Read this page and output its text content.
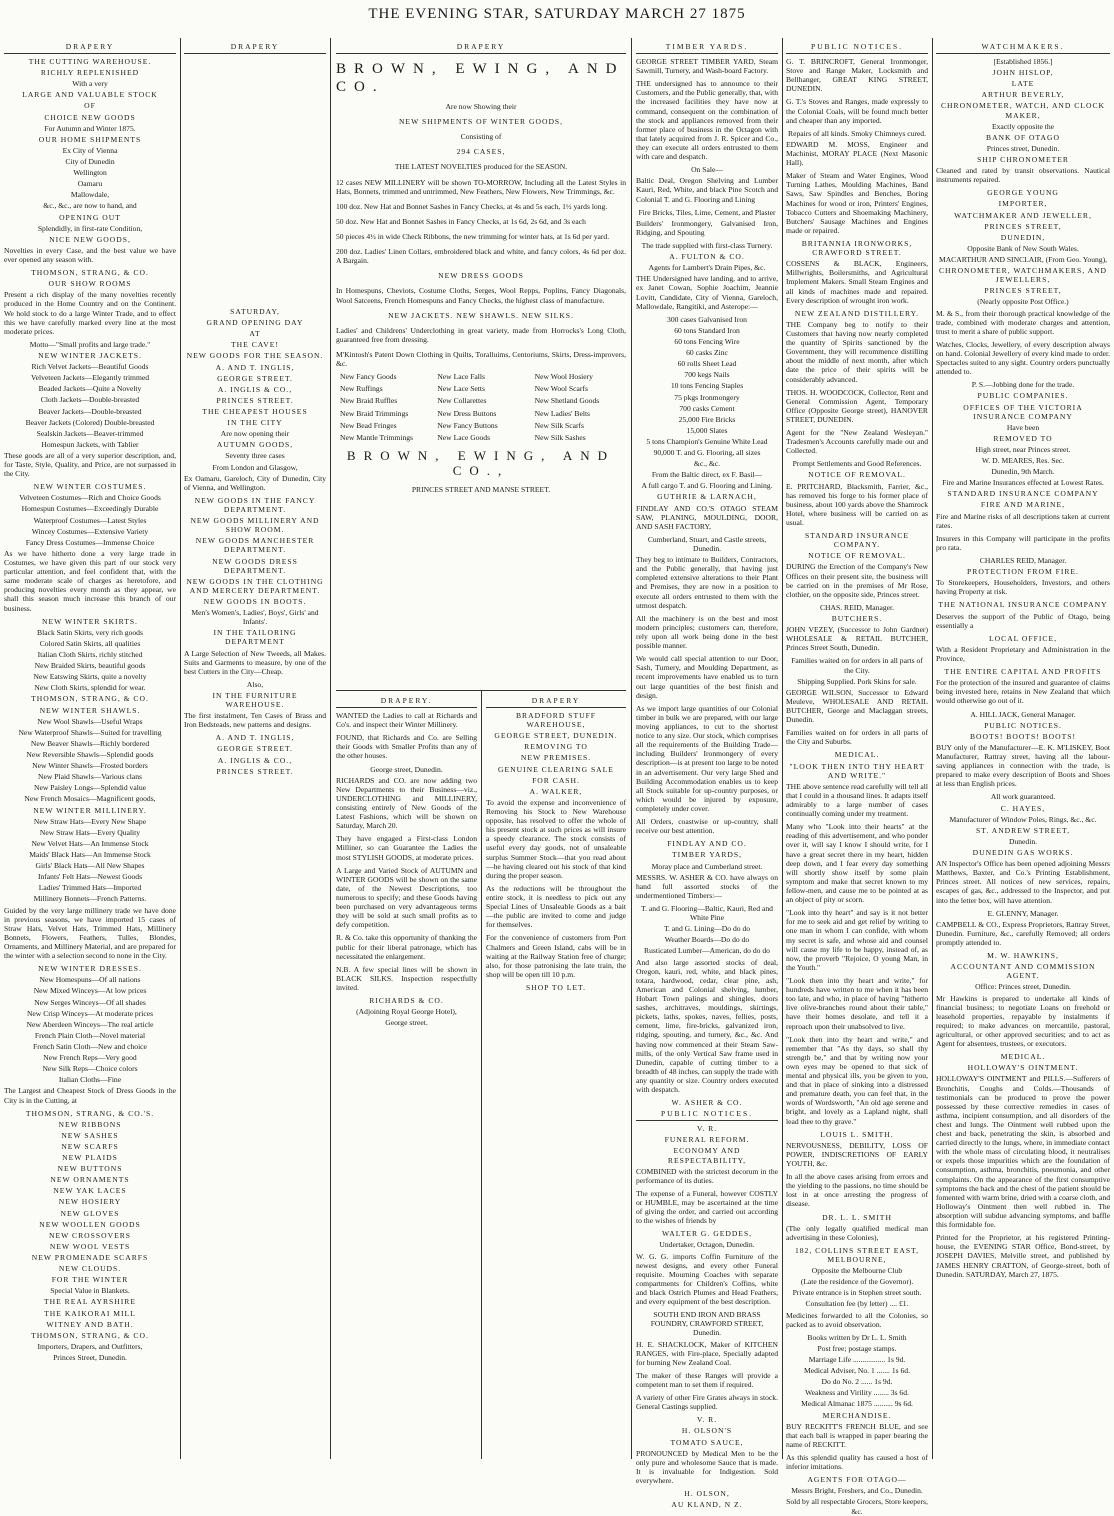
THE EVENING STAR, SATURDAY MARCH 27 1875
DRAPERY
THE CUTTING WAREHOUSE.
RICHLY REPLENISHED
With a very
LARGE AND VALUABLE STOCK
OF
CHOICE NEW GOODS
For Autumn and Winter 1875.
OUR HOME SHIPMENTS
Ex City of Vienna
City of Dunedin
Wellington
Oamaru
Mallowdale,
&c., &c., are now to hand, and
OPENING OUT
Splendidly, in first-rate Condition,
NICE NEW GOODS,
Novelties in every Case, and the best value we have ever opened any season with.
THOMSON, STRANG, & CO.
OUR SHOW ROOMS
Present a rich display of the many novelties recently produced in the Home Country and on the Continent. We hold stock to do a large Winter Trade, and to effect this we have carefully marked every line at the most moderate prices.
Motto—"Small profits and large trade."
NEW WINTER JACKETS.
Rich Velvet Jackets—Beautiful Goods
Velveteen Jackets—Elegantly trimmed
Beaded Jackets—Quite a Novelty
Cloth Jackets—Double-breasted
Beaver Jackets—Double-breasted
Beaver Jackets (Colored) Double-breasted
Sealskin Jackets—Beaver-trimmed
Homespun Jackets, with Tablier
These goods are all of a very superior description, and, for Taste, Style, Quality, and Price, are not surpassed in the City.
NEW WINTER COSTUMES.
Velveteen Costumes—Rich and Choice Goods
Homespun Costumes—Exceedingly Durable
Waterproof Costumes—Latest Styles
Wincey Costumes—Extensive Variety
Fancy Dress Costumes—Immense Choice
As we have hitherto done a very large trade in Costumes, we have given this part of our stock very particular attention, and feel confident that, with the same moderate scale of charges as heretofore, and producing novelties every month as they appear, we shall this season much increase this branch of our business.
NEW WINTER SKIRTS.
Black Satin Skirts, very rich goods
Colored Satin Skirts, all qualities
Italian Cloth Skirts, richly stitched
New Braided Skirts, beautiful goods
New Eatswing Skirts, quite a novelty
New Cloth Skirts, splendid for wear.
THOMSON, STRANG, & CO.
NEW WINTER SHAWLS.
New Wool Shawls—Useful Wraps
New Waterproof Shawls—Suited for travelling
New Beaver Shawls—Richly bordered
New Reversible Shawls—Splendid goods
New Winter Shawls—Frosted borders
New Plaid Shawls—Various clans
New Paisley Longs—Splendid value
New French Mosaics—Magnificent goods,
NEW WINTER MILLINERY.
New Straw Hats—Every New Shape
New Straw Hats—Every Quality
New Velvet Hats—An Immense Stock
Maids' Black Hats—An Immense Stock
Girls' Black Hats—All New Shapes
Infants' Felt Hats—Newest Goods
Ladies' Trimmed Hats—Imported
Millinery Bonnets—French Patterns.
Guided by the very large millinery trade we have done in previous seasons, we have imported 15 cases of Straw Hats, Velvet Hats, Trimmed Hats, Millinery Bonnets, Flowers, Feathers, Tulles, Blondes, Ornaments, and Millinery Material, and are prepared for the winter with a selection second to none in the City.
NEW WINTER DRESSES.
New Homespuns—Of all nations
New Mixed Winceys—At low prices
New Serges Winceys—Of all shades
New Crisp Winceys—At moderate prices
New Aberdeen Winceys—The real article
French Plain Cloth—Novel material
French Satin Cloth—New and choice
New French Reps—Very good
New Silk Reps—Choice colors
Italian Cloths—Fine
The Largest and Cheapest Stock of Dress Goods in the City is in the Cutting, at
THOMSON, STRANG, & CO.'S.
NEW RIBBONS
NEW SASHES
NEW SCARFS
NEW PLAIDS
NEW BUTTONS
NEW ORNAMENTS
NEW YAK LACES
NEW HOSIERY
NEW GLOVES
NEW WOOLLEN GOODS
NEW CROSSOVERS
NEW WOOL VESTS
NEW PROMENADE SCARFS
NEW CLOUDS.
FOR THE WINTER
Special Value in Blankets.
THE REAL AYRSHIRE
THE KAIKORAI MILL
WITNEY AND BATH.
THOMSON, STRANG, & CO.
Importers, Drapers, and Outfitters,
Princes Street, Dunedin.
DRAPERY
SATURDAY,
GRAND OPENING DAY
AT
THE CAVE!
NEW GOODS FOR THE SEASON.
A. AND T. INGLIS,
GEORGE STREET.
A. INGLIS & CO.,
PRINCES STREET.
THE CHEAPEST HOUSES
IN THE CITY
Are now opening their
AUTUMN GOODS,
Seventy three cases
From London and Glasgow,
Ex Oamaru, Gareloch, City of Dunedin, City of Vienna, and Wellington.
NEW GOODS IN THE FANCY DEPARTMENT.
NEW GOODS MILLINERY AND SHOW ROOM.
NEW GOODS MANCHESTER DEPARTMENT.
NEW GOODS DRESS DEPARTMENT.
NEW GOODS IN THE CLOTHING AND MERCERY DEPARTMENT.
NEW GOODS IN BOOTS.
Men's Women's, Ladies', Boys', Girls' and Infants'.
IN THE TAILORING DEPARTMENT
A Large Selection of New Tweeds, all Makes. Suits and Garments to measure, by one of the best Cutters in the City—Cheap.
Also,
IN THE FURNITURE WAREHOUSE.
The first instalment, Ten Cases of Brass and Iron Bedsteads, new patterns and designs.
A. AND T. INGLIS,
GEORGE STREET.
A. INGLIS & CO.,
PRINCES STREET.
DRAPERY
BROWN, EWING, AND CO.
Are now Showing their
NEW SHIPMENTS OF WINTER GOODS,
Consisting of
294 CASES,
THE LATEST NOVELTIES produced for the SEASON.
12 cases NEW MILLINERY will be shown TO-MORROW, Including all the Latest Styles in Hats, Bonnets, trimmed and untrimmed, New Feathers, New Flowers, New Trimmings, &c.
100 doz. New Hat and Bonnet Sashes in Fancy Checks, at 4s and 5s each, 1½ yards long.
50 doz. New Hat and Bonnet Sashes in Fancy Checks, at 1s 6d, 2s 6d, and 3s each
50 pieces 4½ in wide Check Ribbons, the new trimming for winter hats, at 1s 6d per yard.
200 doz. Ladies' Linen Collars, embroidered black and white, and fancy colors, 4s 6d per doz. A Bargain.
NEW DRESS GOODS
In Homespuns, Cheviots, Costume Cloths, Serges, Wool Repps, Poplins, Fancy Diagonals, Wool Satceens, French Homespuns and Fancy Checks, the highest class of manufacture.
NEW JACKETS. NEW SHAWLS. NEW SILKS.
Ladies' and Childrens' Underclothing in great variety, made from Horrocks's Long Cloth, guaranteed free from dressing.
M'Kintosh's Patent Down Clothing in Quilts, Toralluims, Centoriums, Skirts, Dress-improvers, &c.
New Fancy Goods	New Lace Falls	New Wool Hosiery
New Ruffings	New Lace Setts	New Wool Scarfs
New Braid Ruffles	New Collarettes	New Shetland Goods
New Braid Trimmings	New Dress Buttons	New Ladies' Belts
New Bead Fringes	New Fancy Buttons	New Silk Scarfs
New Mantle Trimmings	New Lace Goods	New Silk Sashes
BROWN, EWING, AND CO.,
PRINCES STREET AND MANSE STREET.
DRAPERY.
WANTED the Ladies to call at Richards and Co's. and inspect their Winter Millinery.
FOUND, that Richards and Co. are Selling their Goods with Smaller Profits than any of the other houses.
George street, Dunedin.
RICHARDS and CO. are now adding two New Departments to their Business—viz., UNDERCLOTHING and MILLINERY, consisting entirely of New Goods of the Latest Fashions, which will be shown on Saturday, March 20.
They have engaged a First-class London Milliner, so can Guarantee the Ladies the most STYLISH GOODS, at moderate prices.
A Large and Varied Stock of AUTUMN and WINTER GOODS will be shown on the same date, of the Newest Descriptions, too numerous to specify; and these Goods having been purchased on very advantageous terms they will be sold at such small profits as to defy competition.
R. & Co. take this opportunity of thanking the public for their liberal patronage, which has necessitated the enlargement.
N.B. A few special lines will be shown in BLACK SILKS. Inspection respectfully invited.
RICHARDS & CO.
(Adjoining Royal George Hotel),
George street.
DRAPERY
BRADFORD STUFF WAREHOUSE,
GEORGE STREET, DUNEDIN.
REMOVING TO
NEW PREMISES.
GENUINE CLEARING SALE
FOR CASH.
A. WALKER,
To avoid the expense and inconvenience of Removing his Stock to New Warehouse opposite, has resolved to offer the whole of his present stock at such prices as will insure a speedy clearance. The stock consists of useful every day goods, not of unsaleable surplus Summer Stock—that you read about—he having cleared out his stock of that kind during the proper season.
As the reductions will be throughout the entire stock, it is needless to pick out any Special Lines of Unsaleable Goods as a bait —the public are invited to come and judge for themselves.
For the convenience of customers from Port Chalmers and Green Island, cabs will be in waiting at the Railway Station free of charge; also, for those patronising the late train, the shop will be open till 10 p.m.
SHOP TO LET.
TIMBER YARDS.
GEORGE STREET TIMBER YARD, Steam Sawmill, Turnery, and Wash-board Factory.
THE undersigned has to announce to their Customers, and the Public generally, that, with the increased facilities they have now at command, consequent on the combination of the stock and appliances removed from their former place of business in the Octagon with that lately acquired from J. R. Spicer and Co., they can execute all orders entrusted to them with care and despatch.
On Sale—
Baltic Deal, Oregon Shelving and Lumber Kauri, Red, White, and black Pine Scotch and Colonial T. and G. Flooring and Lining
Fire Bricks, Tiles, Lime, Cement, and Plaster
Builders' Ironmongery, Galvanised Iron, Ridging, and Spouting
The trade supplied with first-class Turnery.
A. FULTON & CO.
Agents for Lambert's Drain Pipes, &c.
THE Undersigned have landing, and to arrive, ex Janet Cowan, Sophie Joachim, Jeannie Lovitt, Candidate, City of Vienna, Gareloch, Mallowdale, Rangitiki, and Asterope:—
300 cases Galvanised Iron
60 tons Standard Iron
60 tons Fencing Wire
60 casks Zinc
60 rolls Sheet Lead
700 kegs Nails
10 tons Fencing Staples
75 pkgs Ironmongery
700 casks Cement
25,000 Fire Bricks
15,000 Slates
5 tons Champion's Genuine White Lead
90,000 T. and G. Flooring, all sizes
&c., &c.
From the Baltic direct, ex F. Basil—
A full cargo T. and G. Flooring and Lining.
GUTHRIE & LARNACH,
FINDLAY AND CO.'S OTAGO STEAM SAW, PLANING, MOULDING, DOOR, AND SASH FACTORY,
Cumberland, Stuart, and Castle streets, Dunedin.
They beg to intimate to Builders, Contractors, and the Public generally, that having just completed extensive alterations to their Plant and Premises, they are now in a position to execute all orders entrusted to them with the utmost despatch.
All the machinery is on the best and most modern principles; customers can, therefore, rely upon all work being done in the best possible manner.
We would call special attention to our Door, Sash, Turnery, and Moulding Department, as recent improvements have enabled us to turn out large quantities of the best finish and design.
As we import large quantities of our Colonial timber in bulk we are prepared, with our large moving appliances, to cut to the shortest notice to any size. Our stock, which comprises all the requirements of the Building Trade—including Builders' Ironmongery of every description—is at present too large to be noted in an advertisement. Our very large Shed and Building Accommodation enables us to keep all Stock suitable for up-country purposes, or which would be injured by exposure, completely under cover.
All Orders, coastwise or up-country, shall receive our best attention.
FINDLAY AND CO.
TIMBER YARDS,
Moray place and Cumberland street.
MESSRS. W. ASHER & CO. have always on hand full assorted stocks of the undermentioned Timbers:—
T. and G. Flooring—Baltic, Kauri, Red and White Pine
T. and G. Lining—Do do do
Weather Boards—Do do do
Rusticated Lumber—American, do do do
And also large assorted stocks of deal, Oregon, kauri, red, white, and black pines, totara, hardwood, cedar, clear pine, ash, American and Colonial shelving, lumber, Hobart Town palings and shingles, doors sashes, architraves, mouldings, skirtings, pickets, laths, spokes, naves, fellies, posts, cement, lime, fire-bricks, galvanized iron, ridging, spouting, and turnery, &c., &c. And having now commenced at their Steam Saw-mills, of the only Vertical Saw frame used in Dunedin, capable of cutting timber to a breadth of 48 inches, can supply the trade with any quantity or size. Country orders executed with despatch.
W. ASHER & CO.
PUBLIC NOTICES.
V. R.
FUNERAL REFORM.
ECONOMY AND RESPECTABILITY,
COMBINED with the strictest decorum in the performance of its duties.
The expense of a Funeral, however COSTLY or HUMBLE, may be ascertained at the time of giving the order, and carried out according to the wishes of friends by
WALTER G. GEDDES,
Undertaker, Octagon, Dunedin.
W. G. G. imports Coffin Furniture of the newest designs, and every other Funeral requisite. Mourning Coaches with separate compartments for Children's Coffins, white and black Ostrich Plumes and Head Feathers, and every equipment of the best description.
SOUTH END IRON AND BRASS FOUNDRY, CRAWFORD STREET, Dunedin.
H. E. SHACKLOCK, Maker of KITCHEN RANGES, with Fire-place, Specially adapted for burning New Zealand Coal.
The maker of these Ranges will provide a competent man to set them if required.
A variety of other Fire Grates always in stock. General Castings supplied.
V. R.
H. OLSON'S
TOMATO SAUCE,
PRONOUNCED by Medical Men to be the only pure and wholesome Sauce that is made. It is invaluable for Indigestion. Sold everywhere.
H. OLSON,
AU KLAND, N Z.
PUBLIC NOTICES.
G. T. BRINCROFT, General Ironmonger, Stove and Range Maker, Locksmith and Bellhanger, GREAT KING STREET, DUNEDIN.
G. T.'s Stoves and Ranges, made expressly to the Colonial Coals, will be found much better and cheaper than any imported.
Repairs of all kinds. Smoky Chimneys cured.
EDWARD M. MOSS, Engineer and Machinist, MORAY PLACE (Next Masonic Hall).
Maker of Steam and Water Engines, Wood Turning Lathes, Moulding Machines, Band Saws, Saw Spindles and Benches, Boring Machines for wood or iron, Printers' Engines, Tobacco Cutters and Shoemaking Machinery, Butchers' Sausage Machines and Engines made or repaired.
BRITANNIA IRONWORKS, CRAWFORD STREET.
COSSENS & BLACK, Engineers, Millwrights, Boilersmiths, and Agricultural Implement Makers. Small Steam Engines and all kinds of machines made and repaired. Every description of wrought iron work.
NEW ZEALAND DISTILLERY.
THE Company beg to notify to their Customers that having now nearly completed the quantity of Spirits sanctioned by the Government, they will recommence distilling about the middle of next month, after which date the price of their spirits will be considerably advanced.
THOS. H. WOODCOCK, Collector, Rent and General Commission Agent, Temporary Office (Opposite George street), HANOVER STREET, DUNEDIN.
Agent for the "New Zealand Wesleyan." Tradesmen's Accounts carefully made out and Collected.
Prompt Settlements and Good References.
NOTICE OF REMOVAL.
E. PRITCHARD, Blacksmith, Farrier, &c., has removed his forge to his former place of business, about 100 yards above the Shamrock Hotel, where business will be carried on as usual.
STANDARD INSURANCE COMPANY.
NOTICE OF REMOVAL.
DURING the Erection of the Company's New Offices on their present site, the business will be carried on in the premises of Mr Rose, clothier, on the opposite side, Princes street.
CHAS. REID, Manager.
BUTCHERS.
JOHN VEZEY, (Successor to John Gardner) WHOLESALE & RETAIL BUTCHER, Princes Street South, Dunedin.
Families waited on for orders in all parts of the City.
Shipping Supplied. Pork Skins for sale.
GEORGE WILSON, Successor to Edward Meuleve, WHOLESALE AND RETAIL BUTCHER, George and Maclaggan streets, Dunedin.
Families waited on for orders in all parts of the City and Suburbs.
MEDICAL.
"LOOK THEN INTO THY HEART AND WRITE."
THE above sentence read carefully will tell all that I could in a thousand lines. It adapts itself admirably to a large number of cases continually coming under my treatment.
Many who "Look into their hearts" at the reading of this advertisement, and who ponder over it, will say I know I should write, for I have a great secret there in my heart, hidden deep down, and I fear every day something will shortly show itself by some plain symptom and make that secret known to my fellow-men, and cause me to be pointed at as an object of pity or scorn.
"Look into thy heart" and say is it not better for me to seek aid and get relief by writing to one man in whom I can confide, with whom my secret is safe, and whose aid and counsel will cause my life to be happy, instead of, as now, the proverb "Rejoice, O young Man, in the Youth."
"Look then into thy heart and write," for hundreds have written to me when it has been too late, and who, in place of having "hitherto live olive-branches round about their table," have their homes desolate, and tell it a reproach upon their unabsolved to live.
"Look then into thy heart and write," and remember that "As thy days, so shall thy strength be," and that by writing now your own eyes may be opened to that sick of mental and physical ills, you be given to you, and that in place of sinking into a distressed and premature death, you can feel that, in the words of Wordsworth, "An old age serene and bright, and lovely as a Lapland night, shall lead thee to thy grave."
LOUIS L. SMITH.
NERVOUSNESS, DEBILITY, LOSS OF POWER, INDISCRETIONS OF EARLY YOUTH, &c.
In all the above cases arising from errors and the yielding to the passions, no time should be lost in at once arresting the progress of disease.
DR. L. L. SMITH
(The only legally qualified medical man advertising in these Colonies),
182, COLLINS STREET EAST, MELBOURNE,
Opposite the Melbourne Club
(Late the residence of the Governor).
Private entrance is in Stephen street south.
Consultation fee (by letter) .... £1.
Medicines forwarded to all the Colonies, so packed as to avoid observation.
Books written by Dr L. L. Smith
Post free; postage stamps.
Marriage Life ................. 1s 9d.
Medical Adviser, No. 1 ....... 1s 6d.
Do do No. 2 ...... 1s 9d.
Weakness and Virility ........ 3s 6d.
Medical Almanac 1875 .......... 9s 6d.
MERCHANDISE.
BUY RECKITT'S FRENCH BLUE, and see that each ball is wrapped in paper bearing the name of RECKITT.
As this splendid quality has caused a host of inferior imitations.
AGENTS FOR OTAGO—
Messrs Bright, Freshers, and Co., Dunedin.
Sold by all respectable Grocers, Store keepers, &c.
WATCHMAKERS.
[Established 1856.]
JOHN HISLOP,
LATE
ARTHUR BEVERLY,
CHRONOMETER, WATCH, AND CLOCK MAKER,
Exactly opposite the
BANK OF OTAGO
Princes street, Dunedin.
SHIP CHRONOMETER
Cleaned and rated by transit observations. Nautical instruments repaired.
GEORGE YOUNG
IMPORTER,
WATCHMAKER AND JEWELLER,
PRINCES STREET,
DUNEDIN,
Opposite Bank of New South Wales.
MACARTHUR AND SINCLAIR, (From Geo. Young),
CHRONOMETER, WATCHMAKERS, AND JEWELLERS,
PRINCES STREET,
(Nearly opposite Post Office.)
M. & S., from their thorough practical knowledge of the trade, combined with moderate charges and attention, trust to merit a share of public support.
Watches, Clocks, Jewellery, of every description always on hand. Colonial Jewellery of every kind made to order. Spectacles suited to any sight. Country orders punctually attended to.
P. S.—Jobbing done for the trade.
PUBLIC COMPANIES.
OFFICES OF THE VICTORIA INSURANCE COMPANY
Have been
REMOVED TO
High street, near Princes street.
W. D. MEARES, Res. Sec.
Dunedin, 9th March.
Fire and Marine Insurances effected at Lowest Rates.
STANDARD INSURANCE COMPANY
FIRE AND MARINE,
Fire and Marine risks of all descriptions taken at current rates.
Insurers in this Company will participate in the profits pro rata.
CHARLES REID, Manager.
PROTECTION FROM FIRE.
To Storekeepers, Householders, Investors, and others having Property at risk.
THE NATIONAL INSURANCE COMPANY
Deserves the support of the Public of Otago, being essentially a
LOCAL OFFICE,
With a Resident Proprietary and Administration in the Province,
THE ENTIRE CAPITAL AND PROFITS
For the protection of the insured and guarantee of claims being invested here, retains in New Zealand that which would otherwise go out of it.
A. HILL JACK, General Manager.
PUBLIC NOTICES.
BOOTS! BOOTS! BOOTS!
BUY only of the Manufacturer—E. K. M'LISKEY, Boot Manufacturer, Rattray street, having all the labour-saving appliances in connection with the trade, is prepared to make every description of Boots and Shoes at less than English prices.
All work guaranteed.
C. HAYES,
Manufacturer of Window Poles, Rings, &c., &c.
ST. ANDREW STREET,
Dunedin.
DUNEDIN GAS WORKS.
AN Inspector's Office has been opened adjoining Messrs Matthews, Baxter, and Co.'s Printing Establishment, Princes street. All notices of new services, repairs, escapes of gas, &c., addressed to the Inspector, and put into the letter box, will have attention.
E. GLENNY, Manager.
CAMPBELL & CO., Express Proprietors, Rattray Street, Dunedin. Furniture, &c., carefully Removed; all orders promptly attended to.
M. W. HAWKINS,
ACCOUNTANT AND COMMISSION AGENT.
Office: Princes street, Dunedin.
Mr Hawkins is prepared to undertake all kinds of financial business; to negotiate Loans on freehold or leasehold properties, repayable by instalments if required; to make advances on mercantile, pastoral, agricultural, or other approved securities; and to act as Agent for absentees, trustees, or executors.
MEDICAL.
HOLLOWAY'S OINTMENT.
HOLLOWAY'S OINTMENT and PILLS.—Sufferers of Bronchitis, Coughs and Colds.—Thousands of testimonials can be produced to prove the power possessed by these corrective remedies in cases of asthma, incipient consumption, and all disorders of the chest and lungs. The Ointment well rubbed upon the chest and back, penetrating the skin, is absorbed and carried directly to the lungs, where, in immediate contact with the whole mass of circulating blood, it neutralises or expels those impurities which are the foundation of consumption, asthma, bronchitis, pneumonia, and other complaints. On the appearance of the first consumptive symptoms the back and the chest of the patient should be fomented with warm brine, dried with a coarse cloth, and Holloway's Ointment then well rubbed in. The absorption will subdue advancing symptoms, and baffle this formidable foe.
Printed for the Proprietor, at his registered Printing-house, the EVENING STAR Office, Bond-street, by JOSEPH DAVIES, Melville street, and published by JAMES HENRY CRATTON, of George-street, both of Dunedin. SATURDAY, March 27, 1875.
